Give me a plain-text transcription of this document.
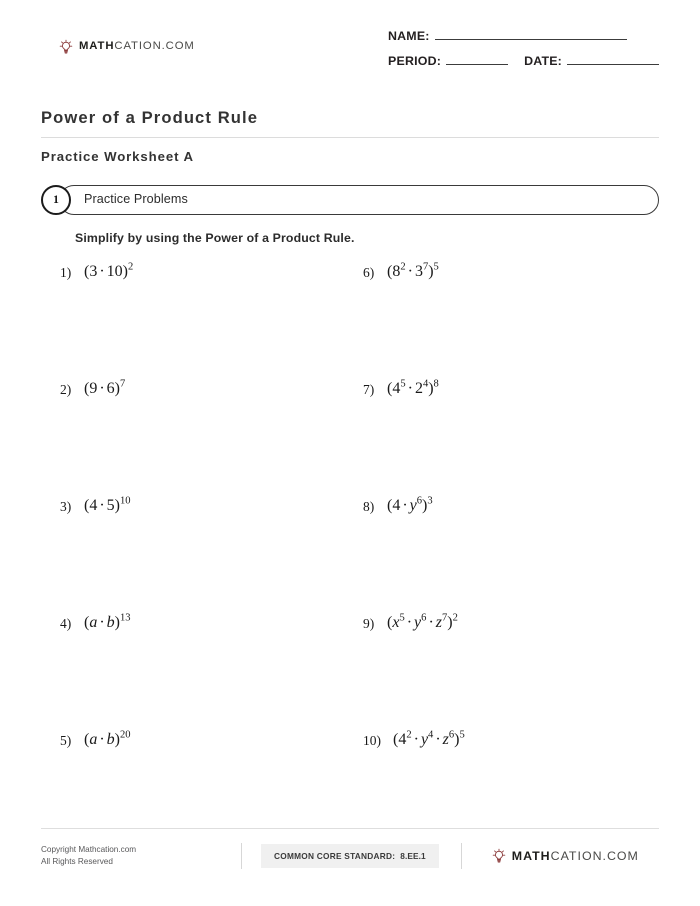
MATHCATION.COM
NAME:
PERIOD:	DATE:
Power of a Product Rule
Practice Worksheet A
Practice Problems
1
Simplify by using the Power of a Product Rule.
1) $(3 \cdot 10)^2$
2) $(9 \cdot 6)^7$
3) $(4 \cdot 5)^{10}$
4) $(a \cdot b)^{13}$
5) $(a \cdot b)^{20}$
6) $(8^2 \cdot 3^7)^5$
7) $(4^5 \cdot 2^4)^8$
8) $(4 \cdot y^6)^3$
9) $(x^5 \cdot y^6 \cdot z^7)^2$
10) $(4^2 \cdot y^4 \cdot z^6)^5$
Copyright Mathcation.com
All Rights Reserved
COMMON CORE STANDARD: 8.EE.1	MATHCATION.COM
